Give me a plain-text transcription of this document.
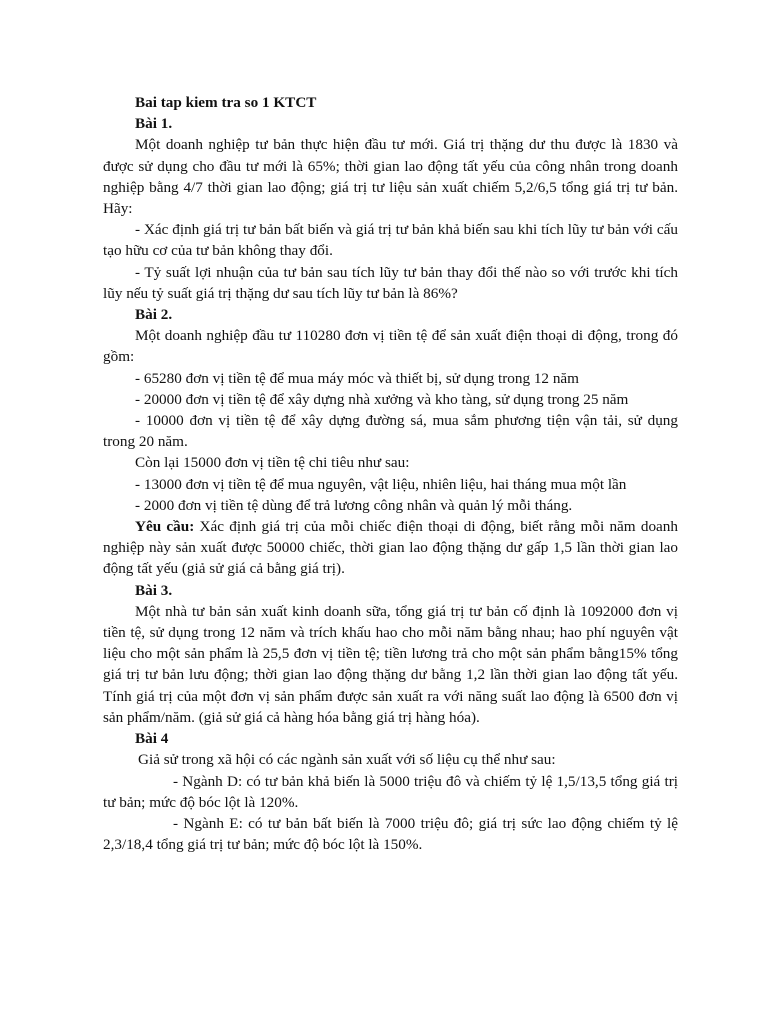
Bai tap kiem tra so 1 KTCT

Bài 1.

Một doanh nghiệp tư bản thực hiện đầu tư mới. Giá trị thặng dư thu được là 1830 và được sử dụng cho đầu tư mới là 65%; thời gian lao động tất yếu của công nhân trong doanh nghiệp bằng 4/7 thời gian lao động; giá trị tư liệu sản xuất chiếm 5,2/6,5 tổng giá trị tư bản. Hãy:

- Xác định giá trị tư bản bất biến và giá trị tư bản khả biến sau khi tích lũy tư bản với cấu tạo hữu cơ của tư bản không thay đổi.

- Tỷ suất lợi nhuận của tư bản sau tích lũy tư bản thay đổi thế nào so với trước khi tích lũy nếu tỷ suất giá trị thặng dư sau tích lũy tư bản là 86%?

Bài 2.

Một doanh nghiệp đầu tư 110280 đơn vị tiền tệ để sản xuất điện thoại di động, trong đó gồm:

- 65280 đơn vị tiền tệ để mua máy móc và thiết bị, sử dụng trong 12 năm

- 20000 đơn vị tiền tệ để xây dựng nhà xưởng và kho tàng, sử dụng trong 25 năm

- 10000 đơn vị tiền tệ để xây dựng đường sá, mua sắm phương tiện vận tải, sử dụng trong 20 năm.

Còn lại 15000 đơn vị tiền tệ chi tiêu như sau:

- 13000 đơn vị tiền tệ để mua nguyên, vật liệu, nhiên liệu, hai tháng mua một lần

- 2000 đơn vị tiền tệ dùng để trả lương công nhân và quản lý mỗi tháng.

Yêu cầu: Xác định giá trị của mỗi chiếc điện thoại di động, biết rằng mỗi năm doanh nghiệp này sản xuất được 50000 chiếc, thời gian lao động thặng dư gấp 1,5 lần thời gian lao động tất yếu (giả sử giá cả bằng giá trị).

Bài 3.

Một nhà tư bản sản xuất kinh doanh sữa, tổng giá trị tư bản cố định là 1092000 đơn vị tiền tệ, sử dụng trong 12 năm và trích khấu hao cho mỗi năm bằng nhau; hao phí nguyên vật liệu cho một sản phẩm là 25,5 đơn vị tiền tệ; tiền lương trả cho một sản phẩm bằng15% tổng giá trị tư bản lưu động; thời gian lao động thặng dư bằng 1,2 lần thời gian lao động tất yếu. Tính giá trị của một đơn vị sản phẩm được sản xuất ra với năng suất lao động là 6500 đơn vị sản phẩm/năm. (giả sử giá cả hàng hóa bằng giá trị hàng hóa).

Bài 4

Giả sử trong xã hội có các ngành sản xuất với số liệu cụ thể như sau:

- Ngành D: có tư bản khả biến là 5000 triệu đô và chiếm tỷ lệ 1,5/13,5 tổng giá trị tư bản; mức độ bóc lột là 120%.

- Ngành E: có tư bản bất biến là 7000 triệu đô; giá trị sức lao động chiếm tỷ lệ 2,3/18,4 tổng giá trị tư bản; mức độ bóc lột là 150%.
